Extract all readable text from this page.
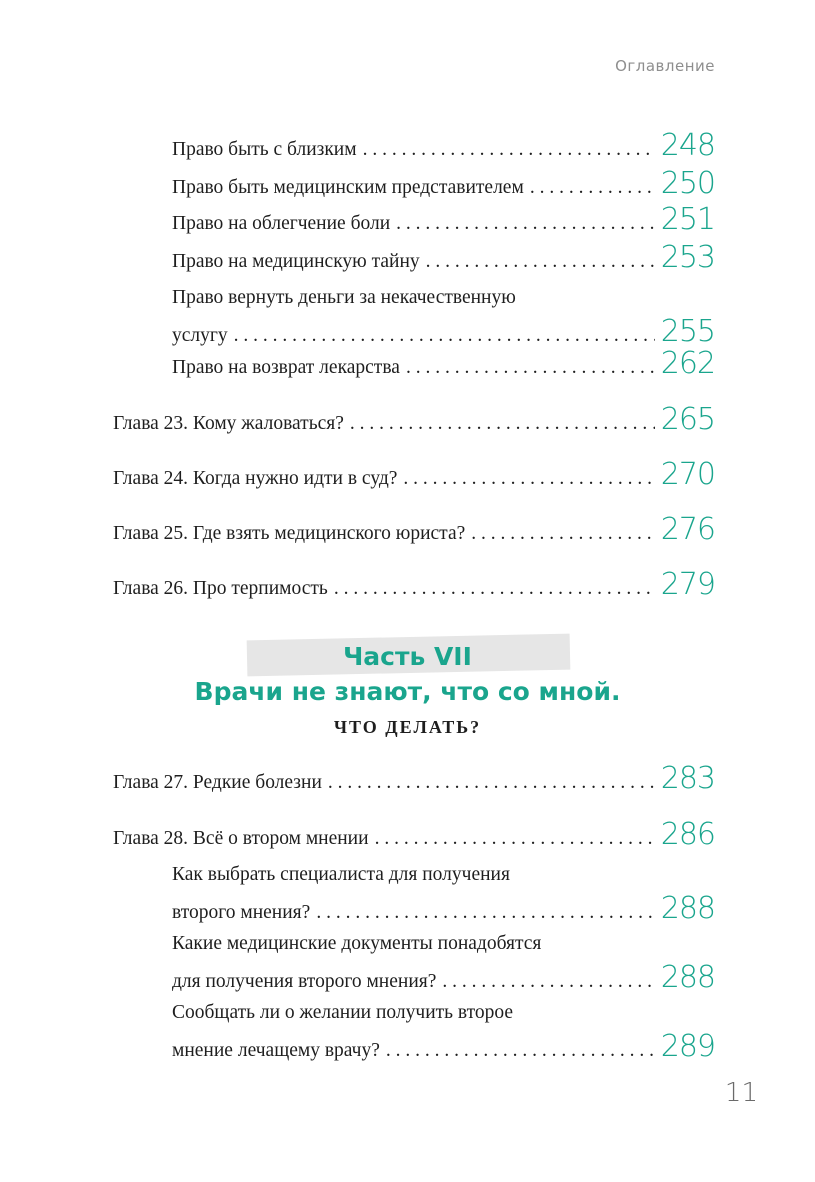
Оглавление
Право быть с близким . . .	248
Право быть медицинским представителем . . .	250
Право на облегчение боли . . .	251
Право на медицинскую тайну . . .	253
Право вернуть деньги за некачественную
услугу . . .	255
Право на возврат лекарства . . .	262
Глава 23. Кому жаловаться? . . .	265
Глава 24. Когда нужно идти в суд? . . .	270
Глава 25. Где взять медицинского юриста? . . .	276
Глава 26. Про терпимость . . .	279
Часть VII
Врачи не знают, что со мной.
ЧТО ДЕЛАТЬ?
Глава 27. Редкие болезни . . .	283
Глава 28. Всё о втором мнении . . .	286
Как выбрать специалиста для получения
второго мнения? . . .	288
Какие медицинские документы понадобятся
для получения второго мнения? . . .	288
Сообщать ли о желании получить второе
мнение лечащему врачу? . . .	289
11
